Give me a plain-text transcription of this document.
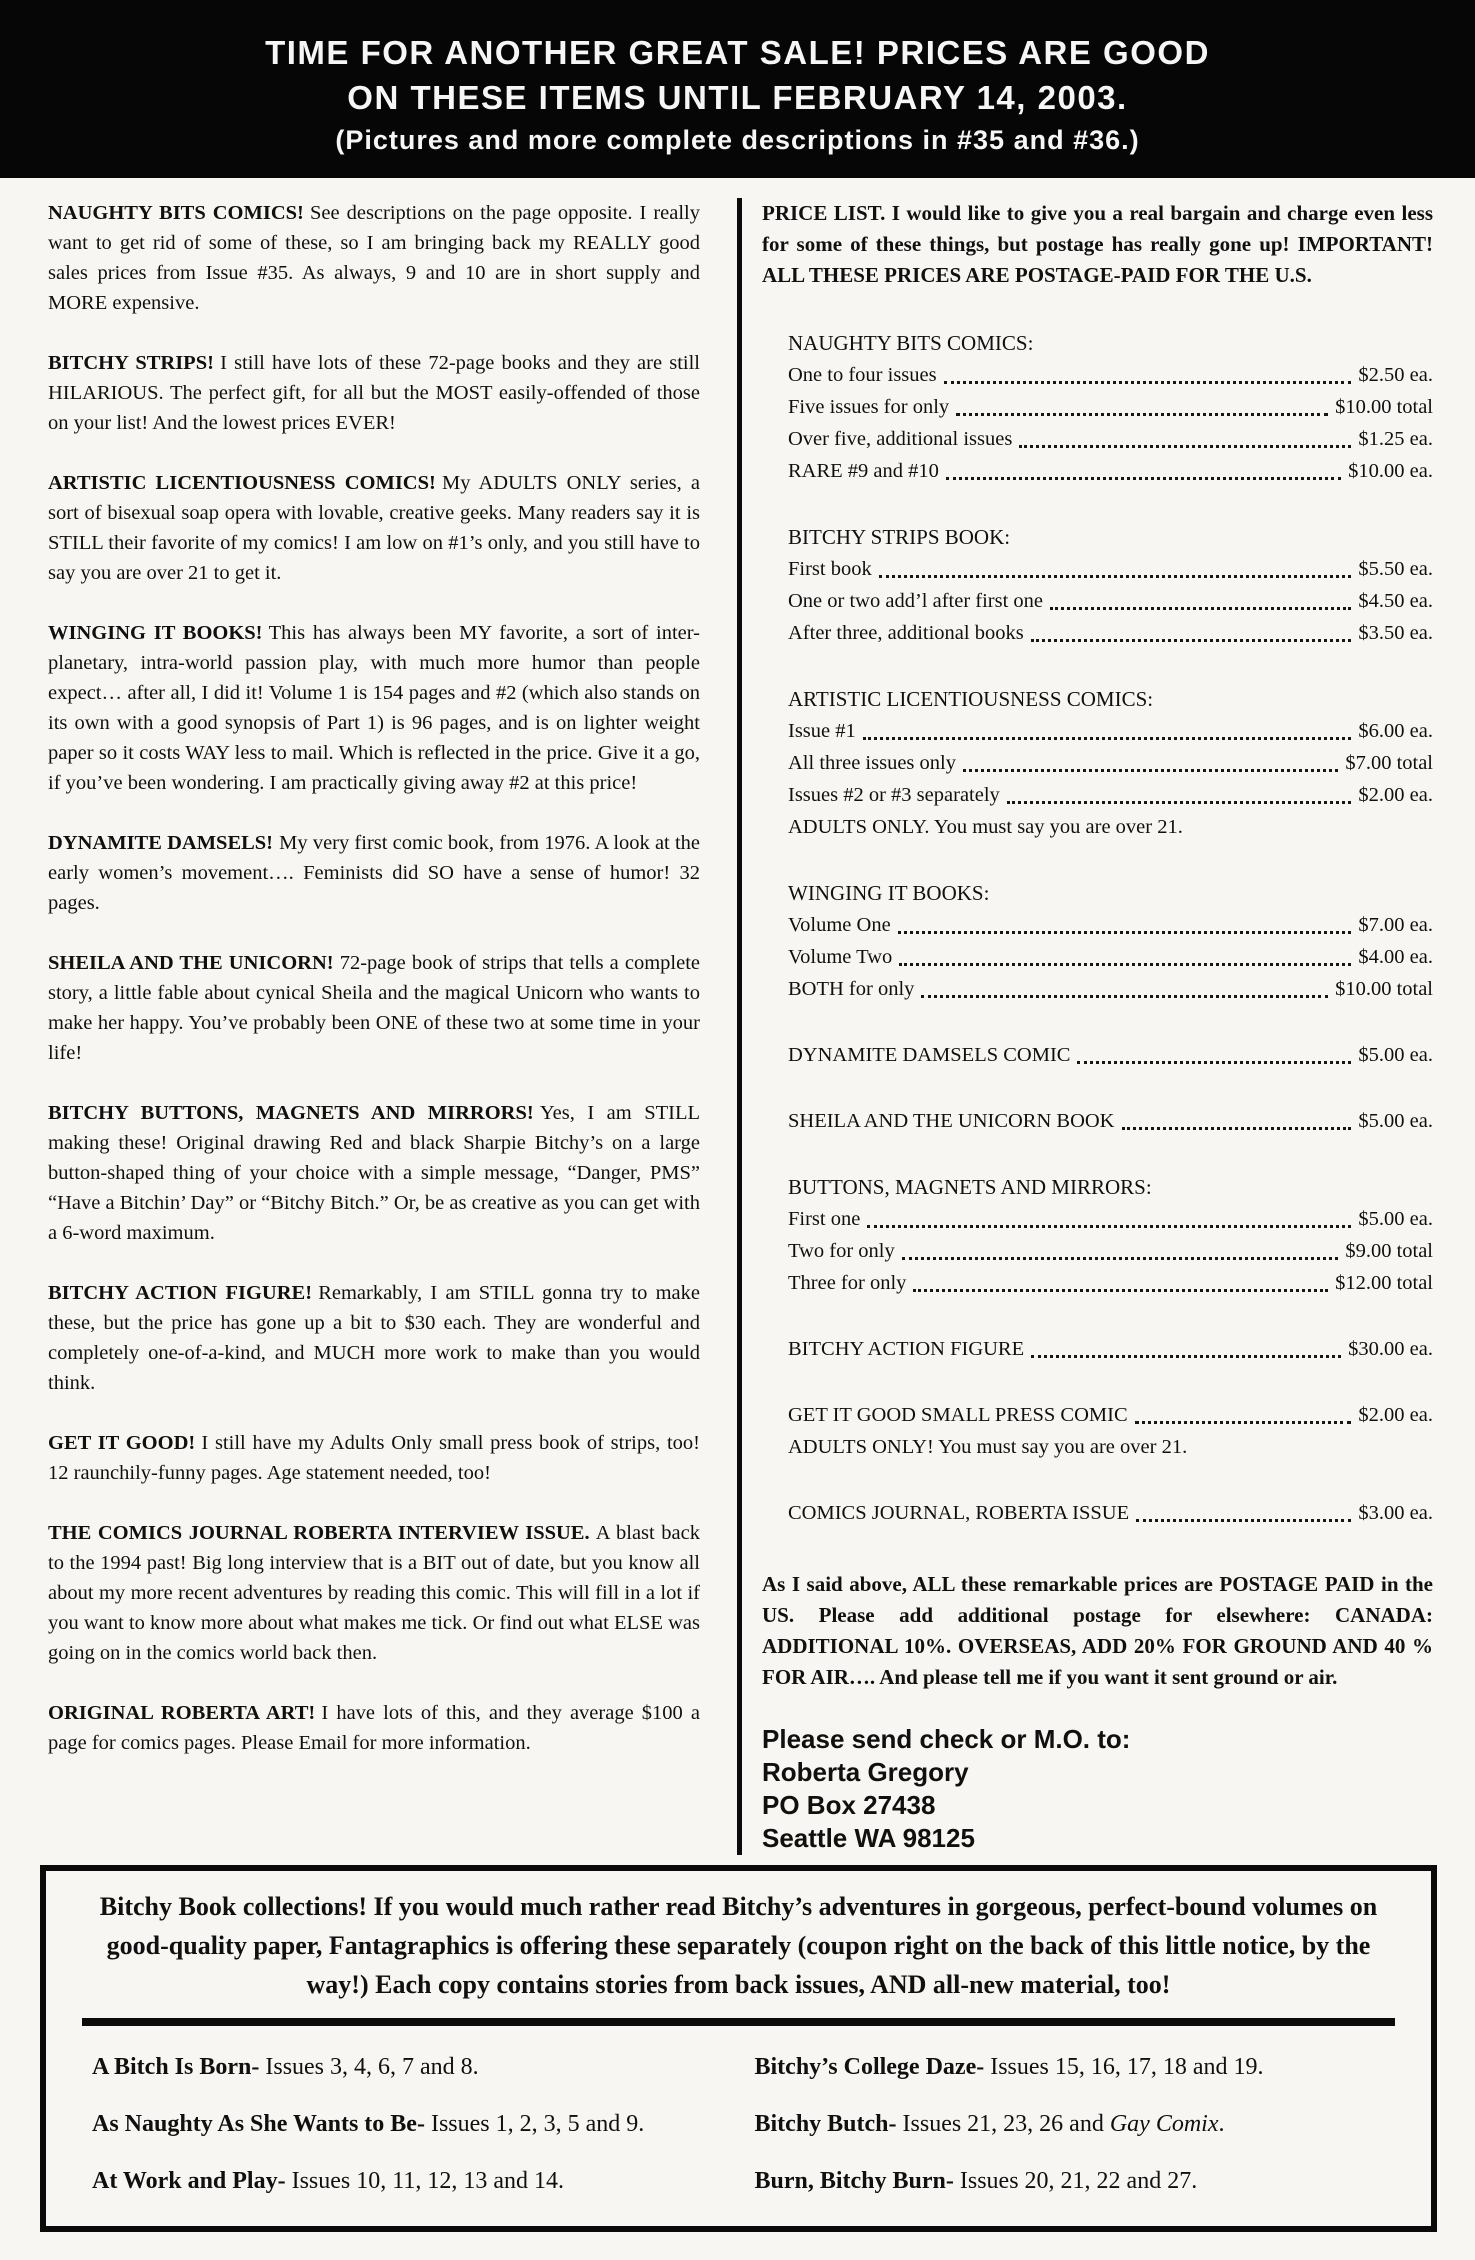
TIME FOR ANOTHER GREAT SALE! PRICES ARE GOOD
ON THESE ITEMS UNTIL FEBRUARY 14, 2003.
(Pictures and more complete descriptions in #35 and #36.)

NAUGHTY BITS COMICS! See descriptions on the page opposite. I really want to get rid of some of these, so I am bringing back my REALLY good sales prices from Issue #35. As always, 9 and 10 are in short supply and MORE expensive.

BITCHY STRIPS! I still have lots of these 72-page books and they are still HILARIOUS. The perfect gift, for all but the MOST easily-offended of those on your list! And the lowest prices EVER!

ARTISTIC LICENTIOUSNESS COMICS! My ADULTS ONLY series, a sort of bisexual soap opera with lovable, creative geeks. Many readers say it is STILL their favorite of my comics! I am low on #1’s only, and you still have to say you are over 21 to get it.

WINGING IT BOOKS! This has always been MY favorite, a sort of inter-planetary, intra-world passion play, with much more humor than people expect… after all, I did it! Volume 1 is 154 pages and #2 (which also stands on its own with a good synopsis of Part 1) is 96 pages, and is on lighter weight paper so it costs WAY less to mail. Which is reflected in the price. Give it a go, if you’ve been wondering. I am practically giving away #2 at this price!

DYNAMITE DAMSELS! My very first comic book, from 1976. A look at the early women’s movement…. Feminists did SO have a sense of humor! 32 pages.

SHEILA AND THE UNICORN! 72-page book of strips that tells a complete story, a little fable about cynical Sheila and the magical Unicorn who wants to make her happy. You’ve probably been ONE of these two at some time in your life!

BITCHY BUTTONS, MAGNETS AND MIRRORS! Yes, I am STILL making these! Original drawing Red and black Sharpie Bitchy’s on a large button-shaped thing of your choice with a simple message, “Danger, PMS” “Have a Bitchin’ Day” or “Bitchy Bitch.” Or, be as creative as you can get with a 6-word maximum.

BITCHY ACTION FIGURE! Remarkably, I am STILL gonna try to make these, but the price has gone up a bit to $30 each. They are wonderful and completely one-of-a-kind, and MUCH more work to make than you would think.

GET IT GOOD! I still have my Adults Only small press book of strips, too! 12 raunchily-funny pages. Age statement needed, too!

THE COMICS JOURNAL ROBERTA INTERVIEW ISSUE. A blast back to the 1994 past! Big long interview that is a BIT out of date, but you know all about my more recent adventures by reading this comic. This will fill in a lot if you want to know more about what makes me tick. Or find out what ELSE was going on in the comics world back then.

ORIGINAL ROBERTA ART! I have lots of this, and they average $100 a page for comics pages. Please Email for more information.

PRICE LIST. I would like to give you a real bargain and charge even less for some of these things, but postage has really gone up! IMPORTANT! ALL THESE PRICES ARE POSTAGE-PAID FOR THE U.S.

NAUGHTY BITS COMICS:
One to four issues	$2.50 ea.
Five issues for only	$10.00 total
Over five, additional issues	$1.25 ea.
RARE #9 and #10	$10.00 ea.
BITCHY STRIPS BOOK:
First book	$5.50 ea.
One or two add’l after first one	$4.50 ea.
After three, additional books	$3.50 ea.
ARTISTIC LICENTIOUSNESS COMICS:
Issue #1	$6.00 ea.
All three issues only	$7.00 total
Issues #2 or #3 separately	$2.00 ea.
ADULTS ONLY. You must say you are over 21.
WINGING IT BOOKS:
Volume One	$7.00 ea.
Volume Two	$4.00 ea.
BOTH for only	$10.00 total
DYNAMITE DAMSELS COMIC	$5.00 ea.
SHEILA AND THE UNICORN BOOK	$5.00 ea.
BUTTONS, MAGNETS AND MIRRORS:
First one	$5.00 ea.
Two for only	$9.00 total
Three for only	$12.00 total
BITCHY ACTION FIGURE	$30.00 ea.
GET IT GOOD SMALL PRESS COMIC	$2.00 ea.
ADULTS ONLY! You must say you are over 21.
COMICS JOURNAL, ROBERTA ISSUE	$3.00 ea.

As I said above, ALL these remarkable prices are POSTAGE PAID in the US. Please add additional postage for elsewhere: CANADA: ADDITIONAL 10%. OVERSEAS, ADD 20% FOR GROUND AND 40 % FOR AIR…. And please tell me if you want it sent ground or air.

Please send check or M.O. to:
Roberta Gregory
PO Box 27438
Seattle WA 98125

Bitchy Book collections! If you would much rather read Bitchy’s adventures in gorgeous, perfect-bound volumes on good-quality paper, Fantagraphics is offering these separately (coupon right on the back of this little notice, by the way!) Each copy contains stories from back issues, AND all-new material, too!

A Bitch Is Born- Issues 3, 4, 6, 7 and 8.	Bitchy’s College Daze- Issues 15, 16, 17, 18 and 19.
As Naughty As She Wants to Be- Issues 1, 2, 3, 5 and 9.	Bitchy Butch- Issues 21, 23, 26 and Gay Comix.
At Work and Play- Issues 10, 11, 12, 13 and 14.	Burn, Bitchy Burn- Issues 20, 21, 22 and 27.
